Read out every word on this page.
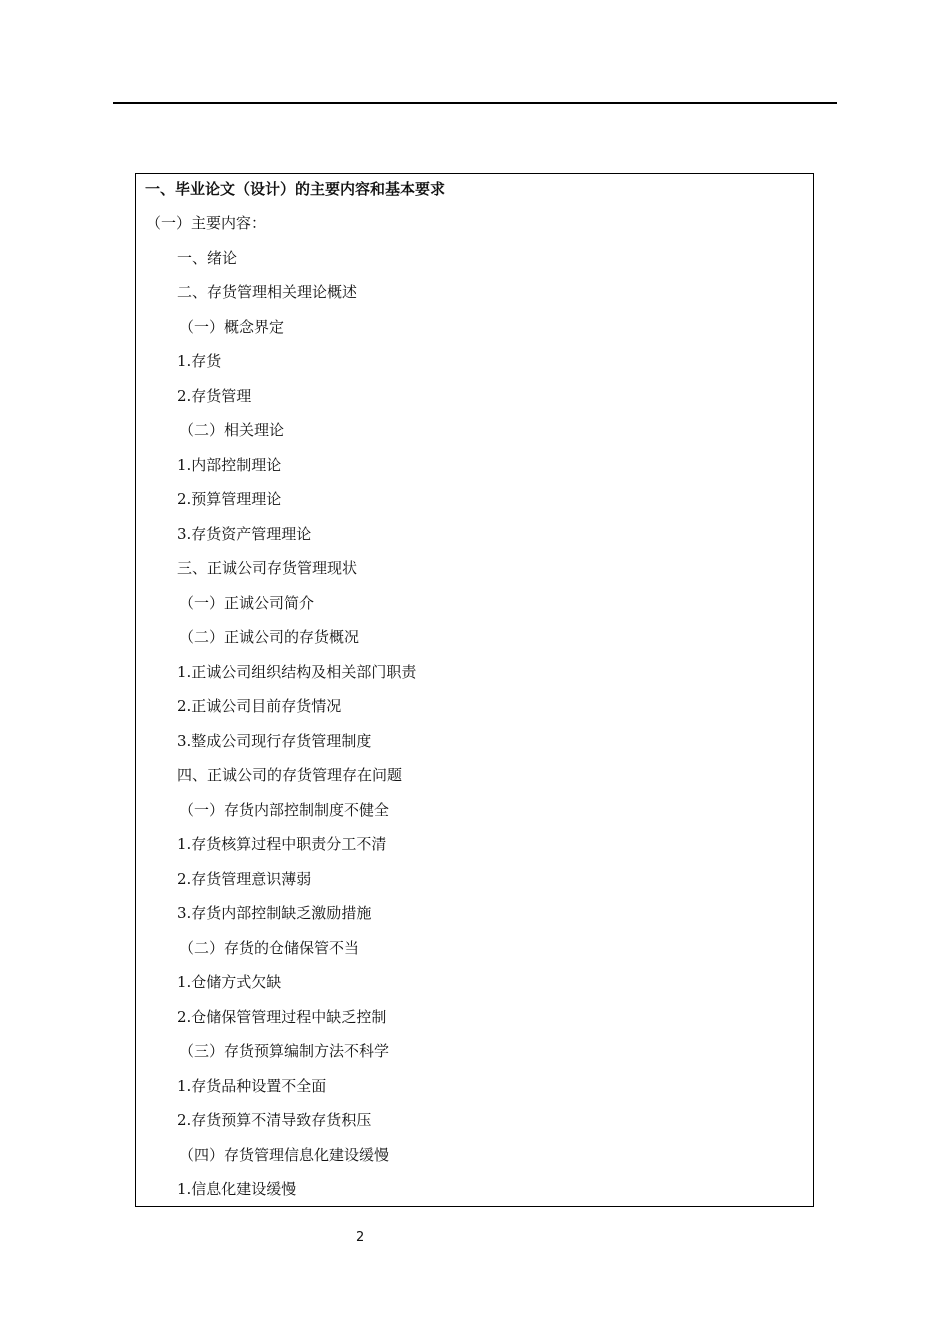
一、毕业论文（设计）的主要内容和基本要求
（一）主要内容：
一、绪论
二、存货管理相关理论概述
（一）概念界定
1.存货
2.存货管理
（二）相关理论
1.内部控制理论
2.预算管理理论
3.存货资产管理理论
三、正诚公司存货管理现状
（一）正诚公司简介
（二）正诚公司的存货概况
1.正诚公司组织结构及相关部门职责
2.正诚公司目前存货情况
3.整成公司现行存货管理制度
四、正诚公司的存货管理存在问题
（一）存货内部控制制度不健全
1.存货核算过程中职责分工不清
2.存货管理意识薄弱
3.存货内部控制缺乏激励措施
（二）存货的仓储保管不当
1.仓储方式欠缺
2.仓储保管管理过程中缺乏控制
（三）存货预算编制方法不科学
1.存货品种设置不全面
2.存货预算不清导致存货积压
（四）存货管理信息化建设缓慢
1.信息化建设缓慢
2
